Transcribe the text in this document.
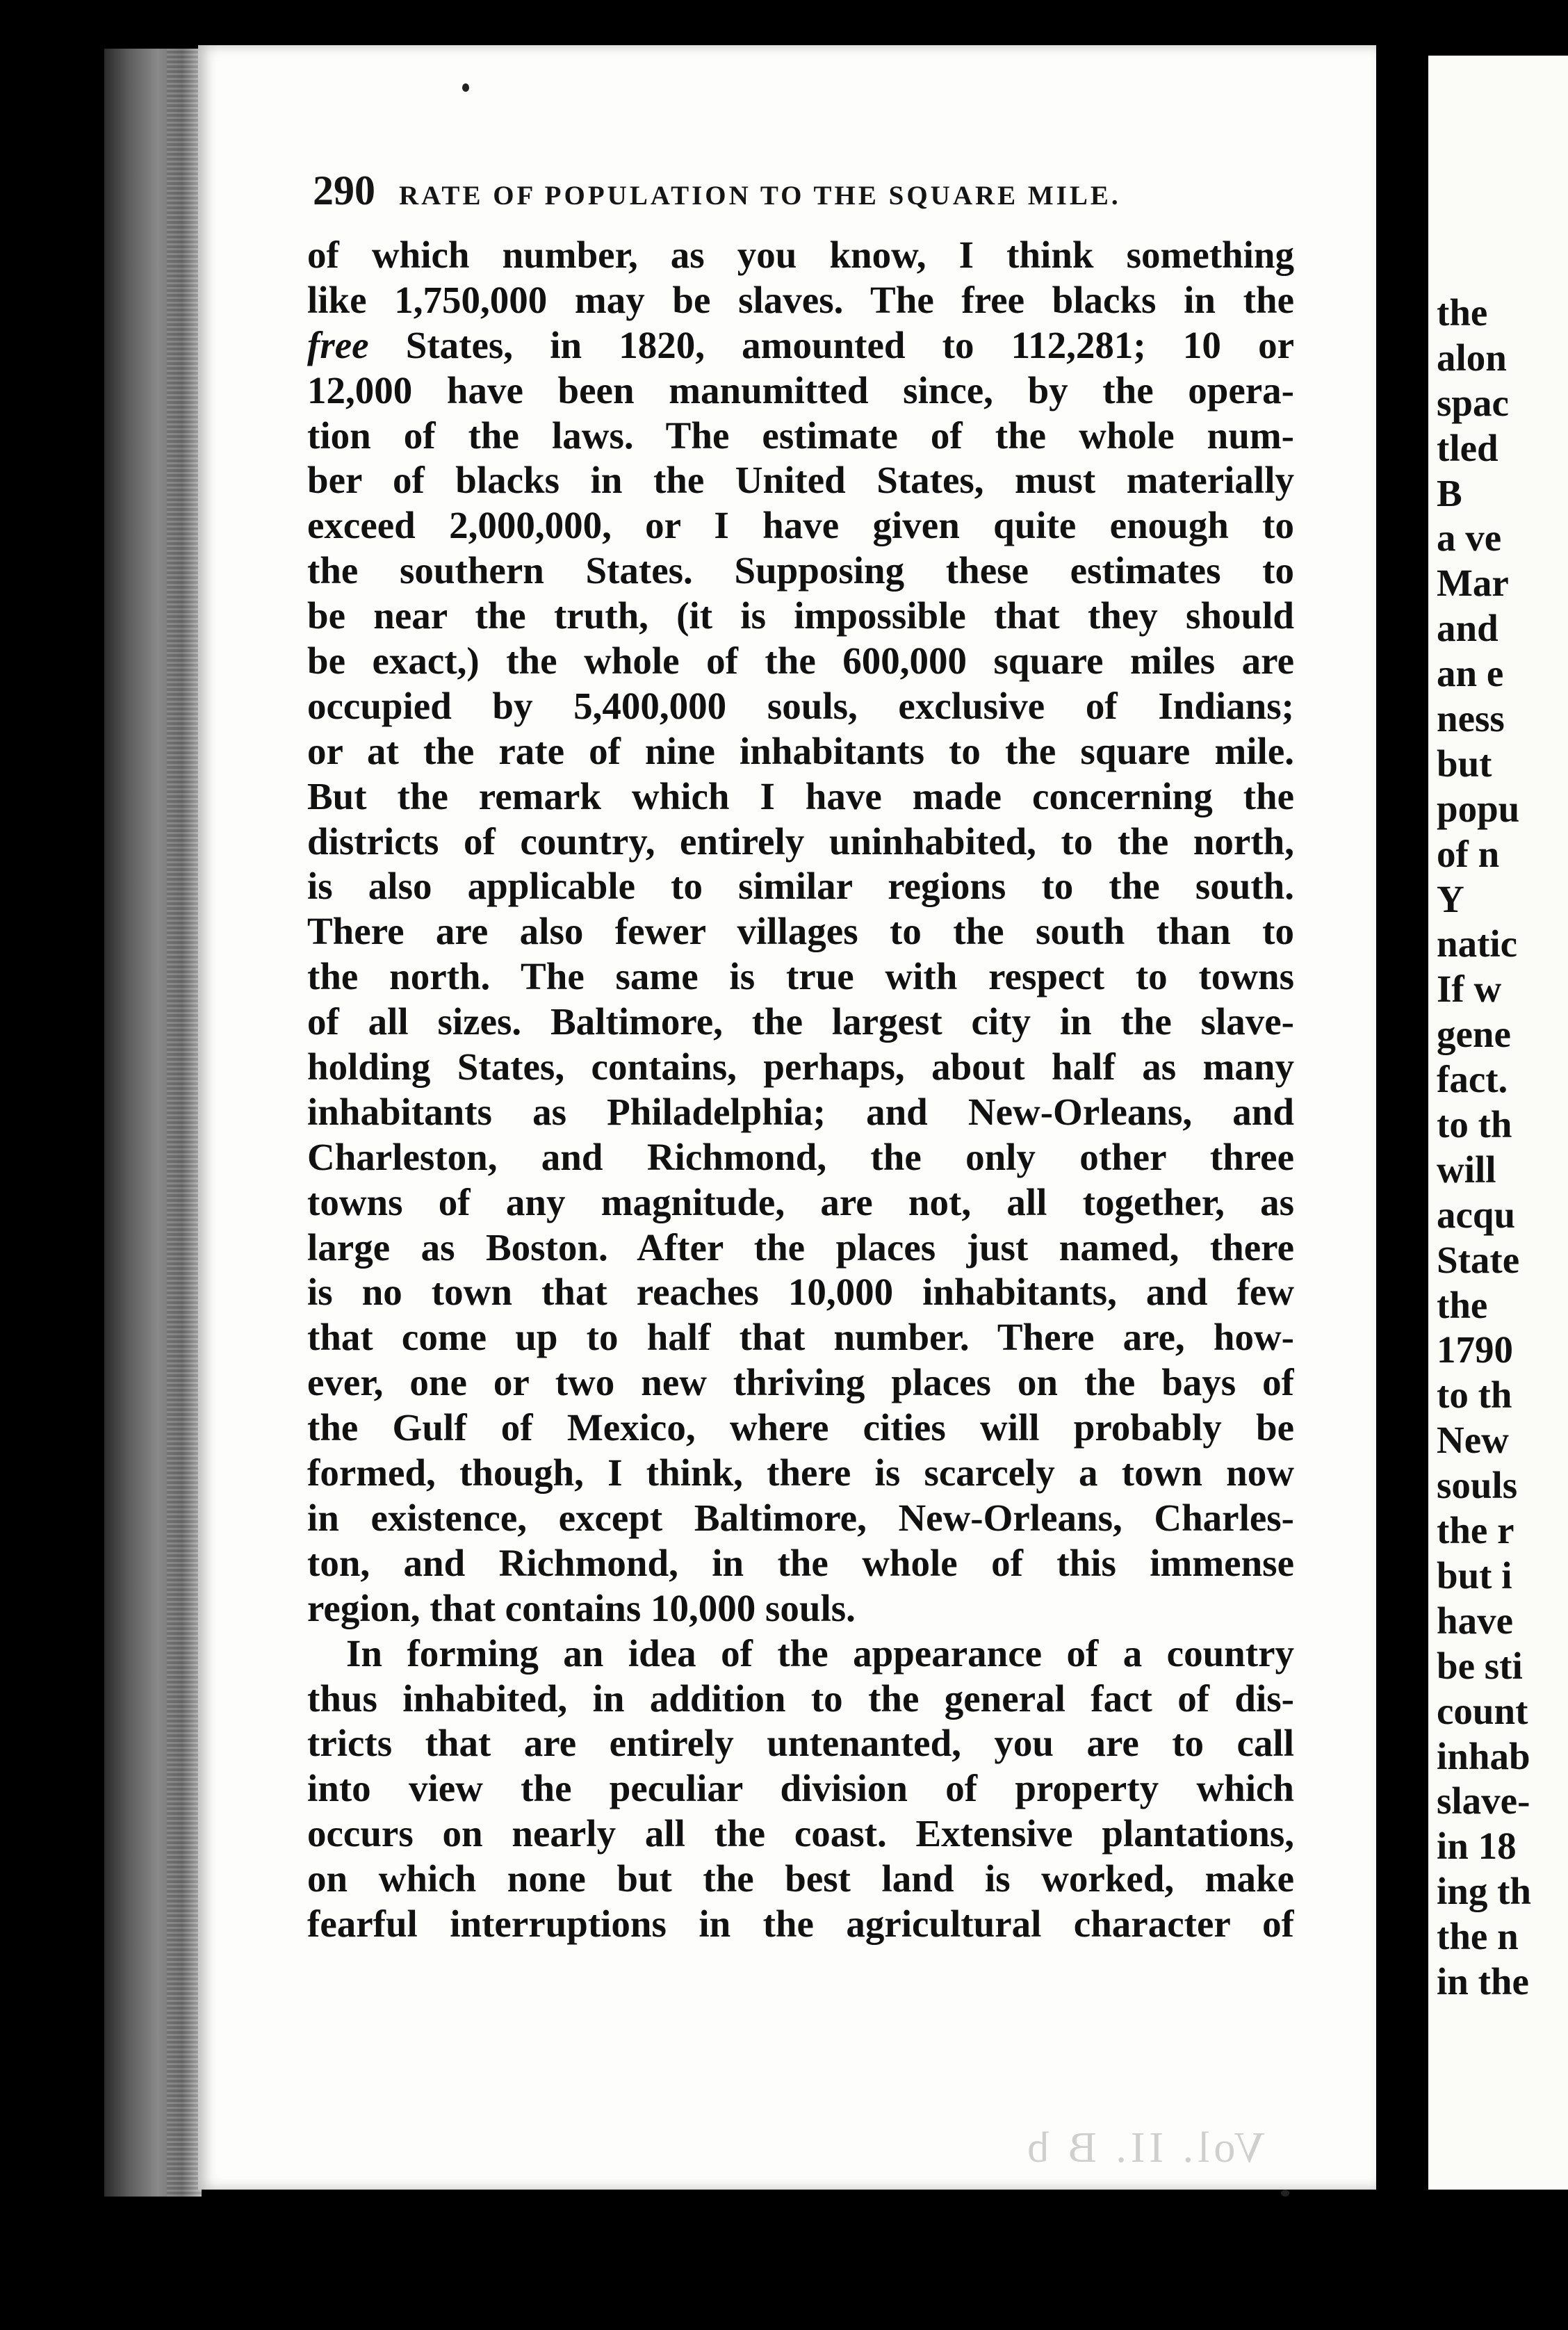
290 RATE OF POPULATION TO THE SQUARE MILE.
of which number, as you know, I think something
like 1,750,000 may be slaves. The free blacks in the
free States, in 1820, amounted to 112,281; 10 or
12,000 have been manumitted since, by the opera-
tion of the laws. The estimate of the whole num-
ber of blacks in the United States, must materially
exceed 2,000,000, or I have given quite enough to
the southern States. Supposing these estimates to
be near the truth, (it is impossible that they should
be exact,) the whole of the 600,000 square miles are
occupied by 5,400,000 souls, exclusive of Indians;
or at the rate of nine inhabitants to the square mile.
But the remark which I have made concerning the
districts of country, entirely uninhabited, to the north,
is also applicable to similar regions to the south.
There are also fewer villages to the south than to
the north. The same is true with respect to towns
of all sizes. Baltimore, the largest city in the slave-
holding States, contains, perhaps, about half as many
inhabitants as Philadelphia; and New-Orleans, and
Charleston, and Richmond, the only other three
towns of any magnitude, are not, all together, as
large as Boston. After the places just named, there
is no town that reaches 10,000 inhabitants, and few
that come up to half that number. There are, how-
ever, one or two new thriving places on the bays of
the Gulf of Mexico, where cities will probably be
formed, though, I think, there is scarcely a town now
in existence, except Baltimore, New-Orleans, Charles-
ton, and Richmond, in the whole of this immense
region, that contains 10,000 souls.
In forming an idea of the appearance of a country
thus inhabited, in addition to the general fact of dis-
tricts that are entirely untenanted, you are to call
into view the peculiar division of property which
occurs on nearly all the coast. Extensive plantations,
on which none but the best land is worked, make
fearful interruptions in the agricultural character of
Vol. II. B b
the
alon
spac
tled
B
a ve
Mar
and
an e
ness
but
popu
of n
Y
natic
If w
gene
fact.
to th
will
acqu
State
the
1790
to th
New
souls
the r
but i
have
be sti
count
inhab
slave-
in 18
ing th
the n
in the
